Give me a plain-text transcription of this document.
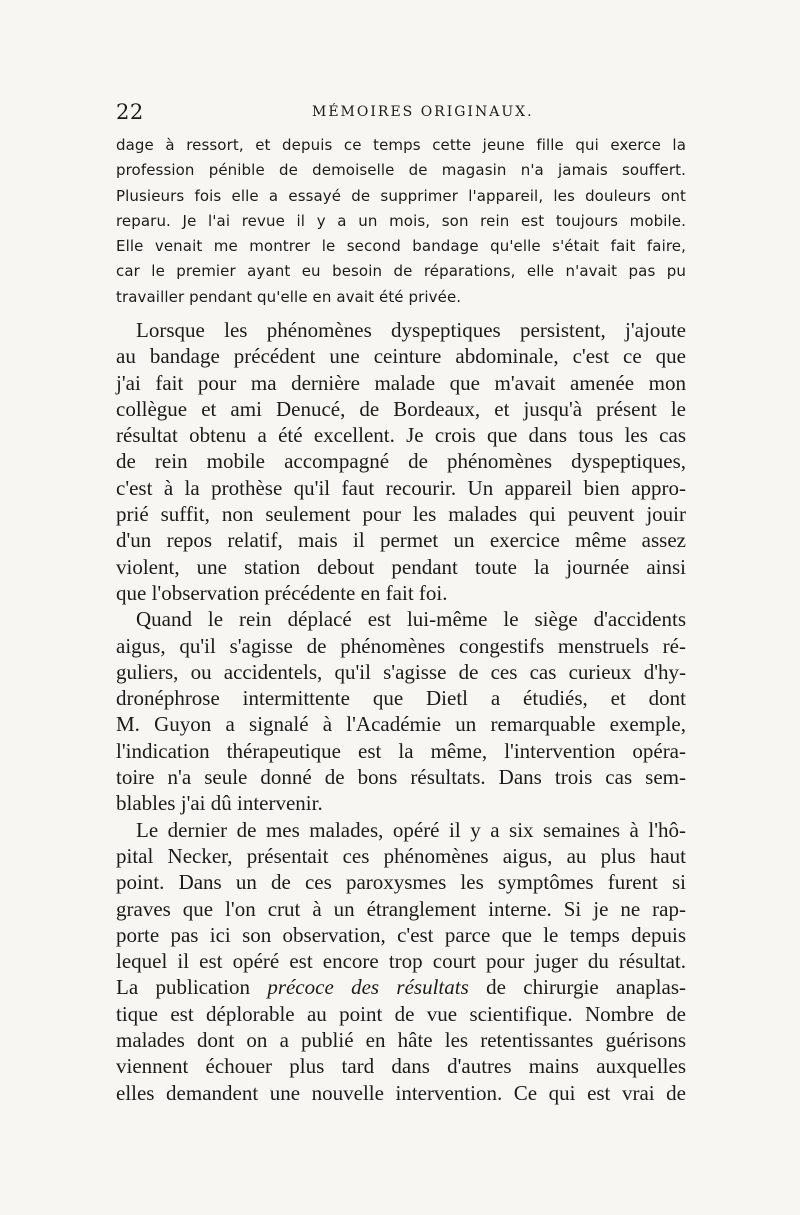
22	MÉMOIRES ORIGINAUX.
dage à ressort, et depuis ce temps cette jeune fille qui exerce la
profession pénible de demoiselle de magasin n'a jamais souffert.
Plusieurs fois elle a essayé de supprimer l'appareil, les douleurs ont
reparu. Je l'ai revue il y a un mois, son rein est toujours mobile.
Elle venait me montrer le second bandage qu'elle s'était fait faire,
car le premier ayant eu besoin de réparations, elle n'avait pas pu
travailler pendant qu'elle en avait été privée.
Lorsque les phénomènes dyspeptiques persistent, j'ajoute
au bandage précédent une ceinture abdominale, c'est ce que
j'ai fait pour ma dernière malade que m'avait amenée mon
collègue et ami Denucé, de Bordeaux, et jusqu'à présent le
résultat obtenu a été excellent. Je crois que dans tous les cas
de rein mobile accompagné de phénomènes dyspeptiques,
c'est à la prothèse qu'il faut recourir. Un appareil bien appro-
prié suffit, non seulement pour les malades qui peuvent jouir
d'un repos relatif, mais il permet un exercice même assez
violent, une station debout pendant toute la journée ainsi
que l'observation précédente en fait foi.
Quand le rein déplacé est lui-même le siège d'accidents
aigus, qu'il s'agisse de phénomènes congestifs menstruels ré-
guliers, ou accidentels, qu'il s'agisse de ces cas curieux d'hy-
dronéphrose intermittente que Dietl a étudiés, et dont
M. Guyon a signalé à l'Académie un remarquable exemple,
l'indication thérapeutique est la même, l'intervention opéra-
toire n'a seule donné de bons résultats. Dans trois cas sem-
blables j'ai dû intervenir.
Le dernier de mes malades, opéré il y a six semaines à l'hô-
pital Necker, présentait ces phénomènes aigus, au plus haut
point. Dans un de ces paroxysmes les symptômes furent si
graves que l'on crut à un étranglement interne. Si je ne rap-
porte pas ici son observation, c'est parce que le temps depuis
lequel il est opéré est encore trop court pour juger du résultat.
La publication précoce des résultats de chirurgie anaplas-
tique est déplorable au point de vue scientifique. Nombre de
malades dont on a publié en hâte les retentissantes guérisons
viennent échouer plus tard dans d'autres mains auxquelles
elles demandent une nouvelle intervention. Ce qui est vrai de
